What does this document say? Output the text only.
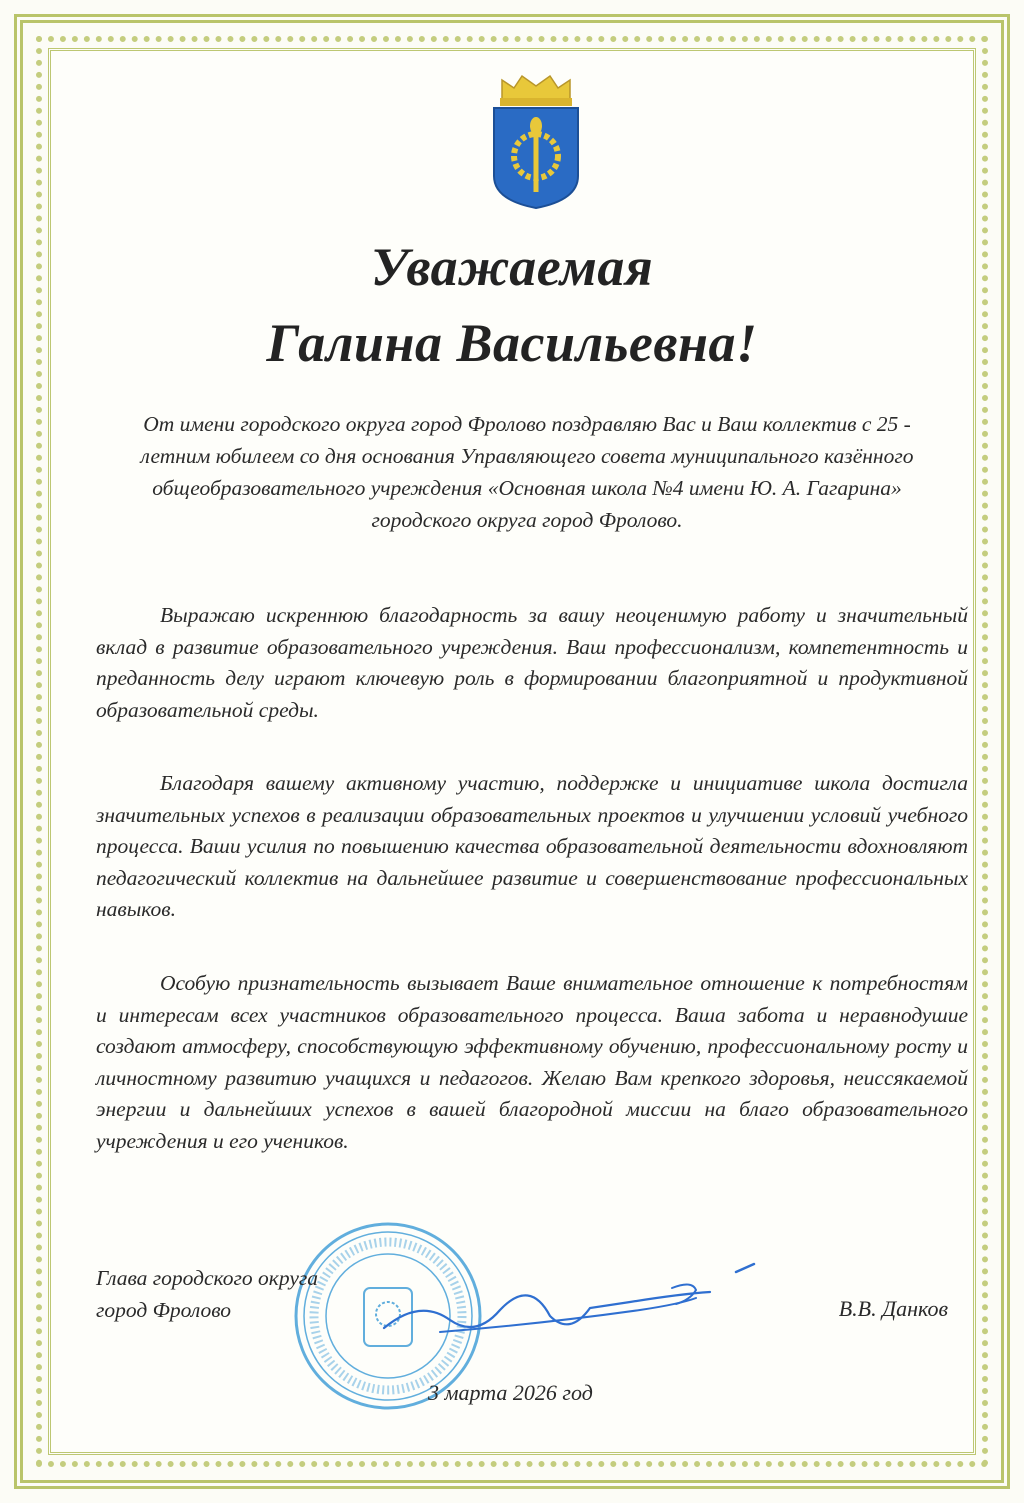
Уважаемая
Галина Васильевна!
От имени городского округа город Фролово поздравляю Вас и Ваш коллектив с 25 - летним юбилеем со дня основания Управляющего совета муниципального казённого общеобразовательного учреждения «Основная школа №4 имени Ю. А. Гагарина» городского округа город Фролово.
Выражаю искреннюю благодарность за вашу неоценимую работу и значительный вклад в развитие образовательного учреждения. Ваш профессионализм, компетентность и преданность делу играют ключевую роль в формировании благоприятной и продуктивной образовательной среды.
Благодаря вашему активному участию, поддержке и инициативе школа достигла значительных успехов в реализации образовательных проектов и улучшении условий учебного процесса. Ваши усилия по повышению качества образовательной деятельности вдохновляют педагогический коллектив на дальнейшее развитие и совершенствование профессиональных навыков.
Особую признательность вызывает Ваше внимательное отношение к потребностям и интересам всех участников образовательного процесса. Ваша забота и неравнодушие создают атмосферу, способствующую эффективному обучению, профессиональному росту и личностному развитию учащихся и педагогов. Желаю Вам крепкого здоровья, неиссякаемой энергии и дальнейших успехов в вашей благородной миссии на благо образовательного учреждения и его учеников.
Глава городского округа
город Фролово	В.В. Данков
3 марта 2026 год
